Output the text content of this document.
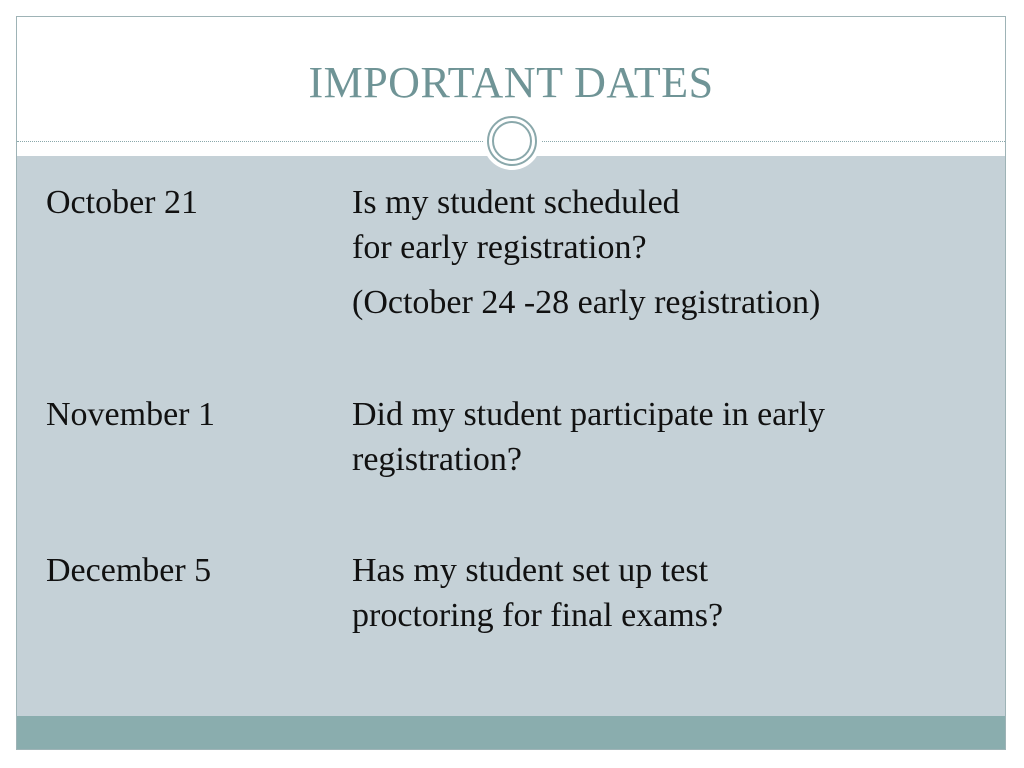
IMPORTANT DATES
October 21	Is my student scheduled
for early registration?
(October 24 -28 early registration)
November 1	Did my student participate in early
registration?
December 5	Has my student set up test
proctoring for final exams?
